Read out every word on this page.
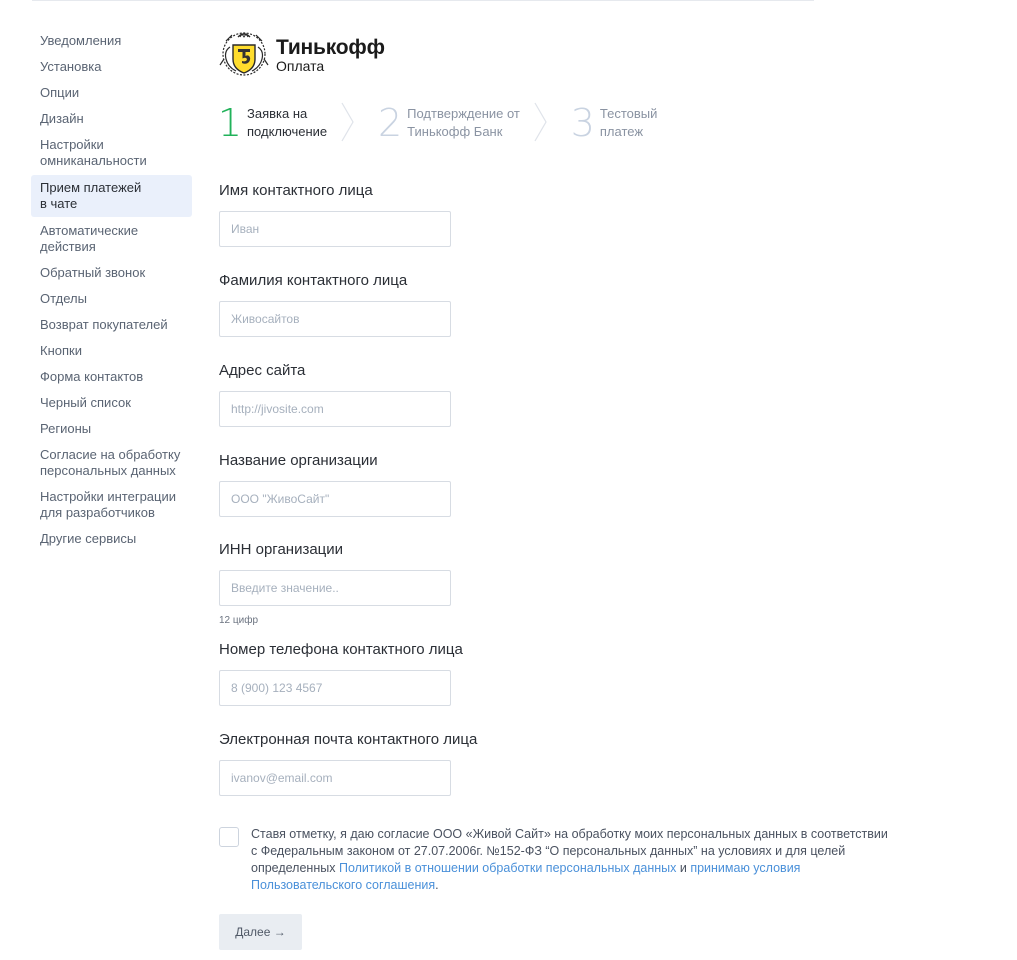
Уведомления
Установка
Опции
Дизайн
Настройки
омниканальности
Прием платежей
в чате
Автоматические
действия
Обратный звонок
Отделы
Возврат покупателей
Кнопки
Форма контактов
Черный список
Регионы
Согласие на обработку
персональных данных
Настройки интеграции
для разработчиков
Другие сервисы
Тинькофф
Оплата
1 Заявка на
подключение 2 Подтверждение от
Тинькофф Банк	3 Тестовый
платеж
Имя контактного лица
Иван
Фамилия контактного лица
Живосайтов
Адрес сайта
http://jivosite.com
Название организации
ООО "ЖивоСайт"
ИНН организации
Введите значение..
12 цифр
Номер телефона контактного лица
8 (900) 123 4567
Электронная почта контактного лица
ivanov@email.com
Ставя отметку, я даю согласие ООО «Живой Сайт» на обработку моих персональных данных в соответствии с Федеральным законом от 27.07.2006г. №152-ФЗ “О персональных данных” на условиях и для целей определенных Политикой в отношении обработки персональных данных и принимаю условия Пользовательского соглашения.
Далее →
